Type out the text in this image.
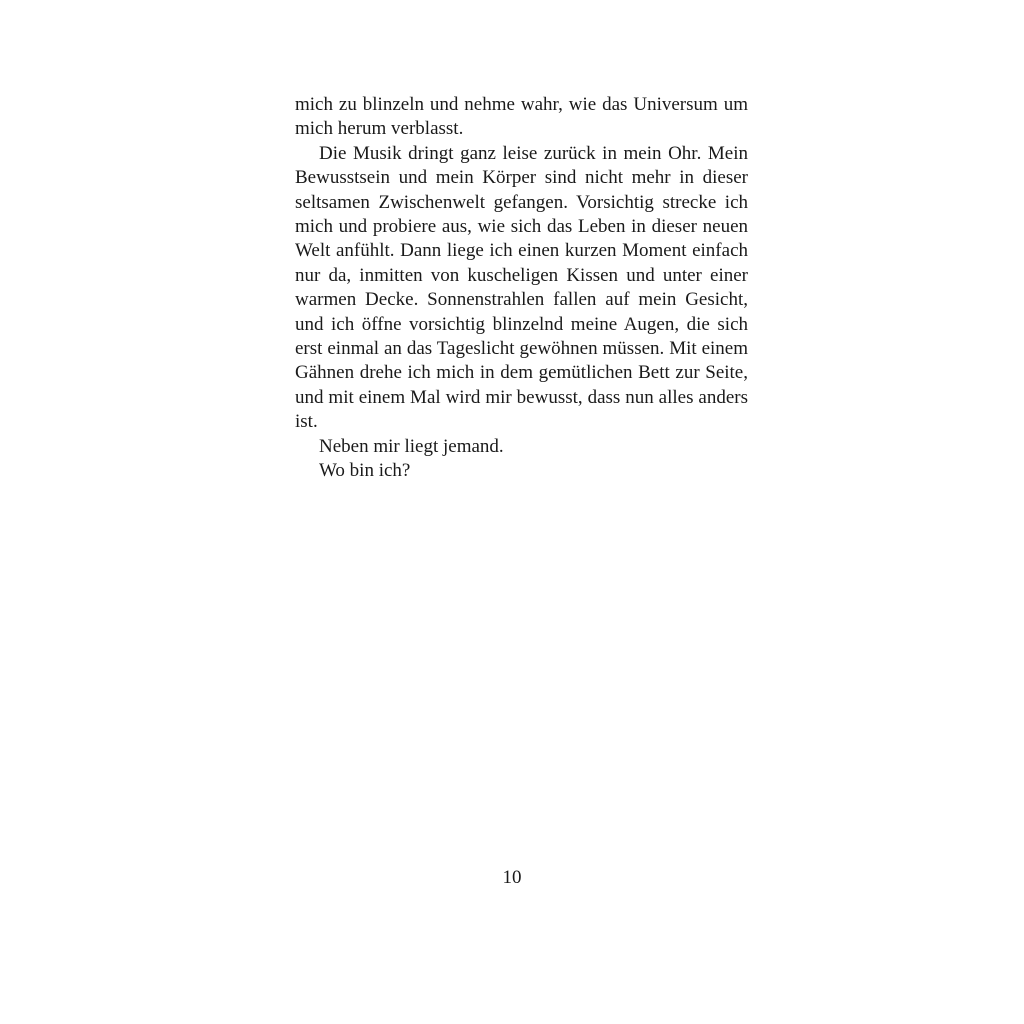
mich zu blinzeln und nehme wahr, wie das Universum um mich herum verblasst.

Die Musik dringt ganz leise zurück in mein Ohr. Mein Bewusstsein und mein Körper sind nicht mehr in dieser seltsamen Zwischenwelt gefangen. Vorsichtig strecke ich mich und probiere aus, wie sich das Leben in dieser neuen Welt anfühlt. Dann liege ich einen kurzen Moment einfach nur da, inmitten von kuscheligen Kissen und unter einer warmen Decke. Sonnenstrahlen fallen auf mein Gesicht, und ich öffne vorsichtig blinzelnd meine Augen, die sich erst einmal an das Tageslicht gewöhnen müssen. Mit einem Gähnen drehe ich mich in dem gemütlichen Bett zur Seite, und mit einem Mal wird mir bewusst, dass nun alles anders ist.

Neben mir liegt jemand.

Wo bin ich?

10
